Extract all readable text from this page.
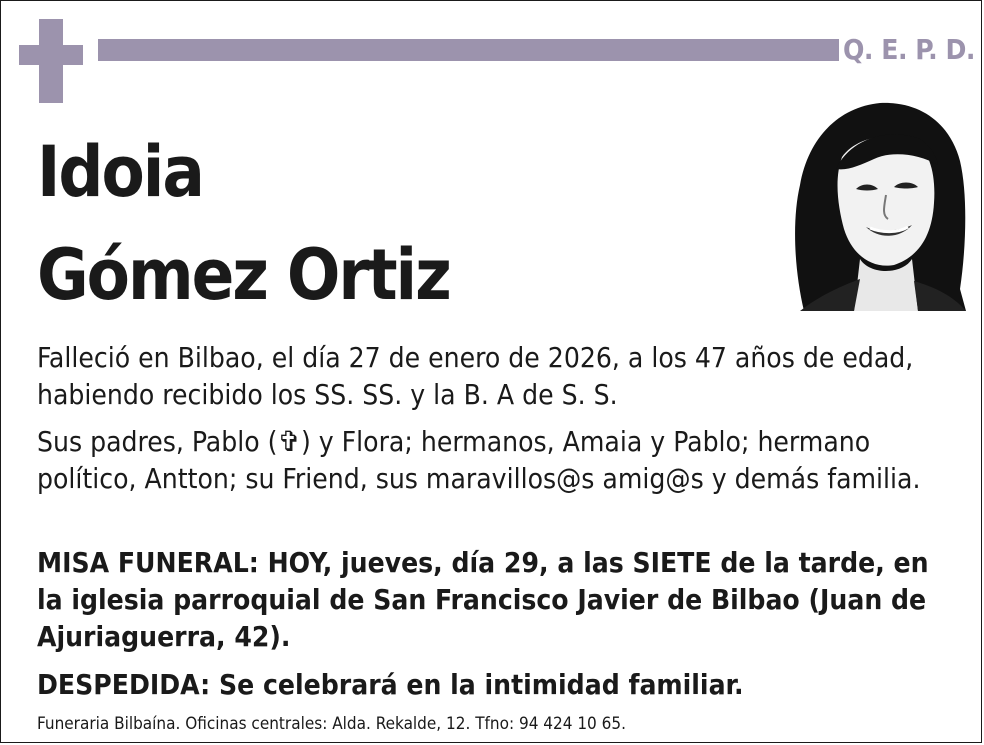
Q. E. P. D.
Idoia
Gómez Ortiz

Falleció en Bilbao, el día 27 de enero de 2026, a los 47 años de edad, habiendo recibido los SS. SS. y la B. A de S. S.

Sus padres, Pablo (✞) y Flora; hermanos, Amaia y Pablo; hermano político, Antton; su Friend, sus maravillos@s amig@s y demás familia.

MISA FUNERAL: HOY, jueves, día 29, a las SIETE de la tarde, en la iglesia parroquial de San Francisco Javier de Bilbao (Juan de Ajuriaguerra, 42).

DESPEDIDA: Se celebrará en la intimidad familiar.

Funeraria Bilbaína. Oficinas centrales: Alda. Rekalde, 12. Tfno: 94 424 10 65.
